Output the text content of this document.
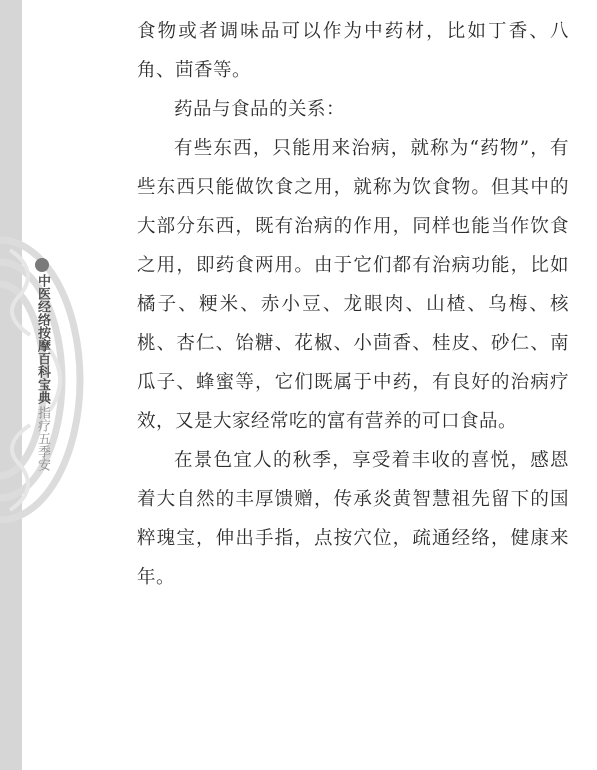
中医经络按摩百科宝典
指疗五季安

食物或者调味品可以作为中药材，比如丁香、八角、茴香等。

药品与食品的关系：

有些东西，只能用来治病，就称为“药物”，有些东西只能做饮食之用，就称为饮食物。但其中的大部分东西，既有治病的作用，同样也能当作饮食之用，即药食两用。由于它们都有治病功能，比如橘子、粳米、赤小豆、龙眼肉、山楂、乌梅、核桃、杏仁、饴糖、花椒、小茴香、桂皮、砂仁、南瓜子、蜂蜜等，它们既属于中药，有良好的治病疗效，又是大家经常吃的富有营养的可口食品。

在景色宜人的秋季，享受着丰收的喜悦，感恩着大自然的丰厚馈赠，传承炎黄智慧祖先留下的国粹瑰宝，伸出手指，点按穴位，疏通经络，健康来年。
